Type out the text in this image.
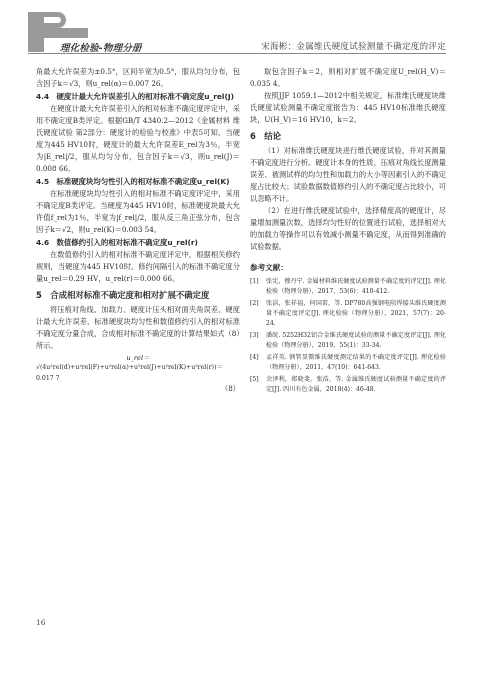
理化检验-物理分册	宋海彬：金属维氏硬度试验测量不确定度的评定

角最大允许误差为±0.5°，区间半宽为0.5°，服从均匀分布，包含因子k＝√3，则u_rel(α)＝0.007 26。

4.4　硬度计最大允许误差引入的相对标准不确定度u_rel(J)

在硬度计最大允许误差引入的相对标准不确定度评定中，采用不确定度B类评定。根据GB/T 4340.2—2012《金属材料 维氏硬度试验 第2部分：硬度计的检验与校准》中表5可知，当硬度为445 HV10时，硬度计的最大允许误差E_rel为3％，半宽为|E_rel|/2，服从均匀分布，包含因子k＝√3，则u_rel(J)＝0.008 66。

4.5　标准硬度块均匀性引入的相对标准不确定度u_rel(K)

在标准硬度块均匀性引入的相对标准不确定度评定中，采用不确定度B类评定。当硬度为445 HV10时，标准硬度块最大允许值f_rel为1％，半宽为|f_rel|/2，服从反三角正弦分布，包含因子k＝√2，则u_rel(K)＝0.003 54。

4.6　数值修约引入的相对标准不确定度u_rel(r)

在数值修约引入的相对标准不确定度评定中，根据相关修约规则，当硬度为445 HV10时，修约间隔引入的标准不确定度分量u_rel＝0.29 HV，u_rel(r)＝0.000 66。

5　合成相对标准不确定度和相对扩展不确定度

将压痕对角线、加载力、硬度计压头相对面夹角误差、硬度计最大允许误差、标准硬度块均匀性和数值修约引入的相对标准不确定度分量合成，合成相对标准不确定度的计算结果如式（8）所示。

u_rel＝
√(4u²rel(d)+u²rel(F)+u²rel(α)+u²rel(J)+u²rel(K)+u²rel(r))＝0.017 7
（8）

取包含因子k＝2，则相对扩展不确定度U_rel(H_V)＝0.035 4。

按照JJF 1059.1—2012中相关规定，标准维氏硬度块维氏硬度试验测量不确定度报告为：445 HV10标准维氏硬度块，U(H_V)＝16 HV10，k＝2。

6　结论

（1）对标准维氏硬度块进行维氏硬度试验，并对其测量不确定度进行分析。硬度计本身的性质、压痕对角线长度测量误差、被测试样的均匀性和加载力的大小等因素引入的不确定度占比较大；试验数据数值修约引入的不确定度占比较小，可以忽略不计。

（2）在进行维氏硬度试验中，选择精度高的硬度计，尽量增加测量次数，选择均匀性好的位置进行试验，选择相对大的加载力等操作可以有效减小测量不确定度，从而得到准确的试验数据。

参考文献：
[1]	张宪，穆丹宁. 金属材料维氏硬度试验测量不确定度的评定[J]. 理化检验（物理分册），2017，53(6)：410-412.
[2]	张洁，张祥福，何国雷，等. DP780高强钢电阻焊接头维氏硬度测量不确定度评定[J]. 理化检验（物理分册），2021，57(7)：20-24.
[3]	潘皖. 5252H32铝合金维氏硬度试验的测量不确定度评定[J]. 理化检验（物理分册），2019，55(1)：33-34.
[4]	孟祥英. 钢管显微维氏硬度测定结果的不确定度评定[J]. 理化检验（物理分册），2011，47(10)：641-643.
[5]	余泽利，郑晓斐，张浩，等. 金属维氏硬度试验测量不确定度的评定[J]. 四川有色金属，2018(4)：46-48.
16
